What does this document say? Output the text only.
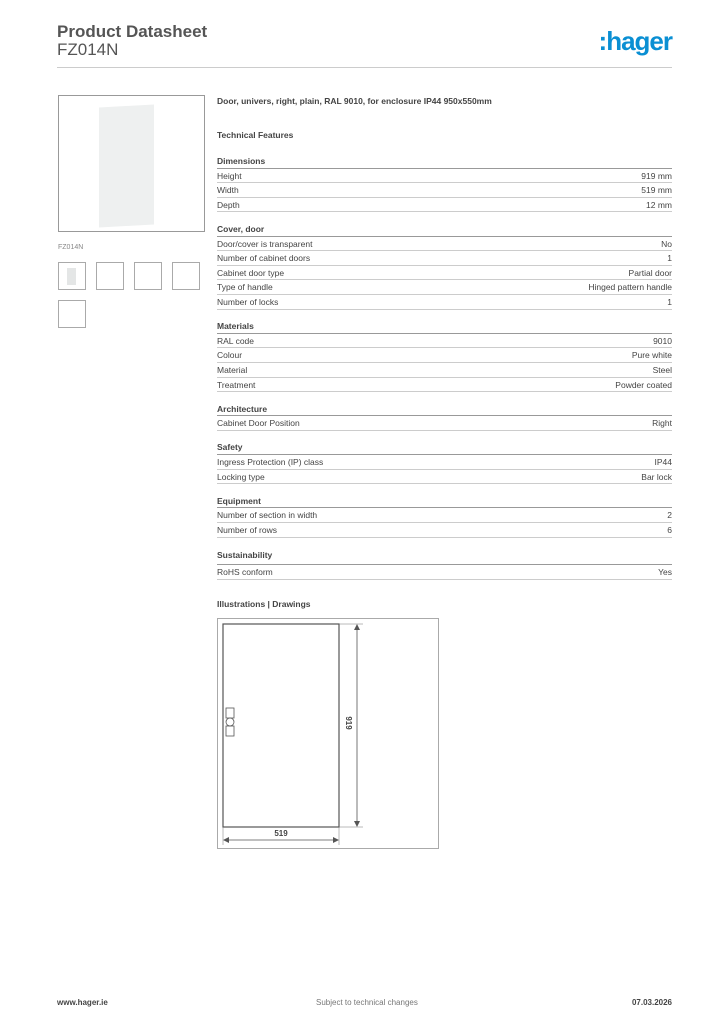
Product Datasheet
FZ014N	:hager
FZ014N
Door, univers, right, plain, RAL 9010, for enclosure IP44 950x550mm
Technical Features
Dimensions
Height	919 mm
Width	519 mm
Depth	12 mm
Cover, door
Door/cover is transparent	No
Number of cabinet doors	1
Cabinet door type	Partial door
Type of handle	Hinged pattern handle
Number of locks	1
Materials
RAL code	9010
Colour	Pure white
Material	Steel
Treatment	Powder coated
Architecture
Cabinet Door Position	Right
Safety
Ingress Protection (IP) class	IP44
Locking type	Bar lock
Equipment
Number of section in width	2
Number of rows	6
Sustainability
RoHS conform	Yes
Illustrations | Drawings
519
919
www.hager.ie	Subject to technical changes	07.03.2026
